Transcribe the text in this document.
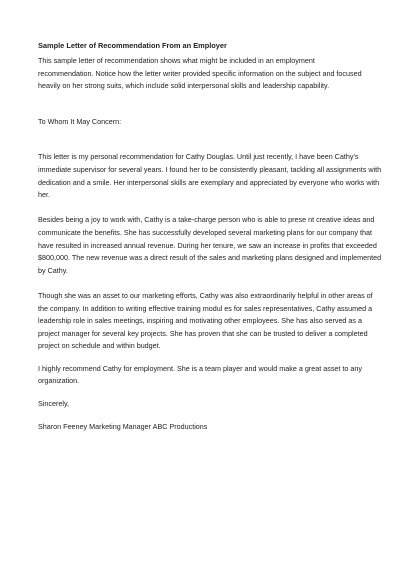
Sample Letter of Recommendation From an Employer
This sample letter of recommendation shows what might be included in an employment
recommendation. Notice how the letter writer provided specific information on the subject and focused
heavily on her strong suits, which include solid interpersonal skills and leadership capability.
To Whom It May Concern:
This letter is my personal recommendation for Cathy Douglas. Until just recently, I have been Cathy's
immediate supervisor for several years. I found her to be consistently pleasant, tackling all assignments with
dedication and a smile. Her interpersonal skills are exemplary and appreciated by everyone who works with
her.
Besides being a joy to work with, Cathy is a take-charge person who is able to prese nt creative ideas and
communicate the benefits. She has successfully developed several marketing plans for our company that
have resulted in increased annual revenue. During her tenure, we saw an increase in profits that exceeded
$800,000. The new revenue was a direct result of the sales and marketing plans designed and implemented
by Cathy.
Though she was an asset to our marketing efforts, Cathy was also extraordinarily helpful in other areas of
the company. In addition to writing effective training modul es for sales representatives, Cathy assumed a
leadership role in sales meetings, inspiring and motivating other employees. She has also served as a
project manager for several key projects. She has proven that she can be trusted to deliver a completed
project on schedule and within budget.
I highly recommend Cathy for employment. She is a team player and would make a great asset to any
organization.
Sincerely,
Sharon Feeney Marketing Manager ABC Productions
